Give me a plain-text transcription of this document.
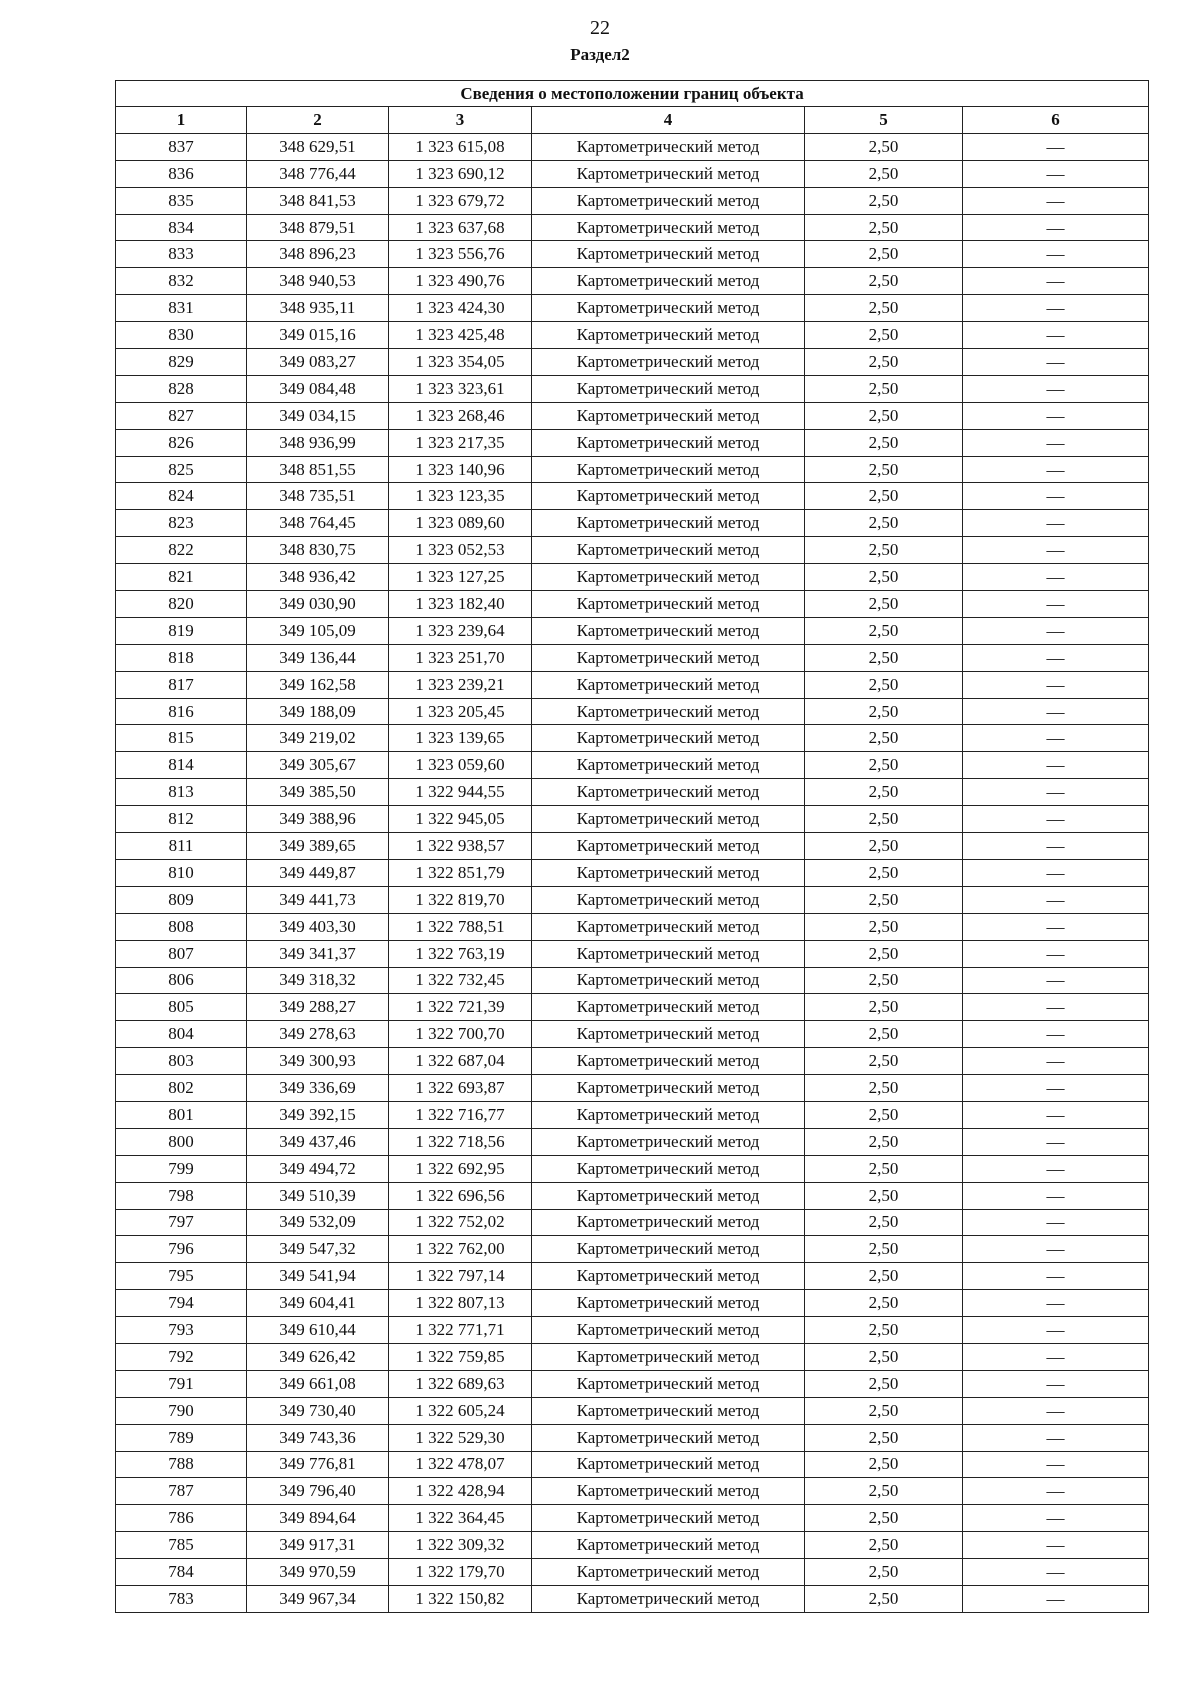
22
Раздел2
Сведения о местоположении границ объекта					
1	2	3	4	5	6
837	348 629,51	1 323 615,08	Картометрический метод	2,50	—
836	348 776,44	1 323 690,12	Картометрический метод	2,50	—
835	348 841,53	1 323 679,72	Картометрический метод	2,50	—
834	348 879,51	1 323 637,68	Картометрический метод	2,50	—
833	348 896,23	1 323 556,76	Картометрический метод	2,50	—
832	348 940,53	1 323 490,76	Картометрический метод	2,50	—
831	348 935,11	1 323 424,30	Картометрический метод	2,50	—
830	349 015,16	1 323 425,48	Картометрический метод	2,50	—
829	349 083,27	1 323 354,05	Картометрический метод	2,50	—
828	349 084,48	1 323 323,61	Картометрический метод	2,50	—
827	349 034,15	1 323 268,46	Картометрический метод	2,50	—
826	348 936,99	1 323 217,35	Картометрический метод	2,50	—
825	348 851,55	1 323 140,96	Картометрический метод	2,50	—
824	348 735,51	1 323 123,35	Картометрический метод	2,50	—
823	348 764,45	1 323 089,60	Картометрический метод	2,50	—
822	348 830,75	1 323 052,53	Картометрический метод	2,50	—
821	348 936,42	1 323 127,25	Картометрический метод	2,50	—
820	349 030,90	1 323 182,40	Картометрический метод	2,50	—
819	349 105,09	1 323 239,64	Картометрический метод	2,50	—
818	349 136,44	1 323 251,70	Картометрический метод	2,50	—
817	349 162,58	1 323 239,21	Картометрический метод	2,50	—
816	349 188,09	1 323 205,45	Картометрический метод	2,50	—
815	349 219,02	1 323 139,65	Картометрический метод	2,50	—
814	349 305,67	1 323 059,60	Картометрический метод	2,50	—
813	349 385,50	1 322 944,55	Картометрический метод	2,50	—
812	349 388,96	1 322 945,05	Картометрический метод	2,50	—
811	349 389,65	1 322 938,57	Картометрический метод	2,50	—
810	349 449,87	1 322 851,79	Картометрический метод	2,50	—
809	349 441,73	1 322 819,70	Картометрический метод	2,50	—
808	349 403,30	1 322 788,51	Картометрический метод	2,50	—
807	349 341,37	1 322 763,19	Картометрический метод	2,50	—
806	349 318,32	1 322 732,45	Картометрический метод	2,50	—
805	349 288,27	1 322 721,39	Картометрический метод	2,50	—
804	349 278,63	1 322 700,70	Картометрический метод	2,50	—
803	349 300,93	1 322 687,04	Картометрический метод	2,50	—
802	349 336,69	1 322 693,87	Картометрический метод	2,50	—
801	349 392,15	1 322 716,77	Картометрический метод	2,50	—
800	349 437,46	1 322 718,56	Картометрический метод	2,50	—
799	349 494,72	1 322 692,95	Картометрический метод	2,50	—
798	349 510,39	1 322 696,56	Картометрический метод	2,50	—
797	349 532,09	1 322 752,02	Картометрический метод	2,50	—
796	349 547,32	1 322 762,00	Картометрический метод	2,50	—
795	349 541,94	1 322 797,14	Картометрический метод	2,50	—
794	349 604,41	1 322 807,13	Картометрический метод	2,50	—
793	349 610,44	1 322 771,71	Картометрический метод	2,50	—
792	349 626,42	1 322 759,85	Картометрический метод	2,50	—
791	349 661,08	1 322 689,63	Картометрический метод	2,50	—
790	349 730,40	1 322 605,24	Картометрический метод	2,50	—
789	349 743,36	1 322 529,30	Картометрический метод	2,50	—
788	349 776,81	1 322 478,07	Картометрический метод	2,50	—
787	349 796,40	1 322 428,94	Картометрический метод	2,50	—
786	349 894,64	1 322 364,45	Картометрический метод	2,50	—
785	349 917,31	1 322 309,32	Картометрический метод	2,50	—
784	349 970,59	1 322 179,70	Картометрический метод	2,50	—
783	349 967,34	1 322 150,82	Картометрический метод	2,50	—
